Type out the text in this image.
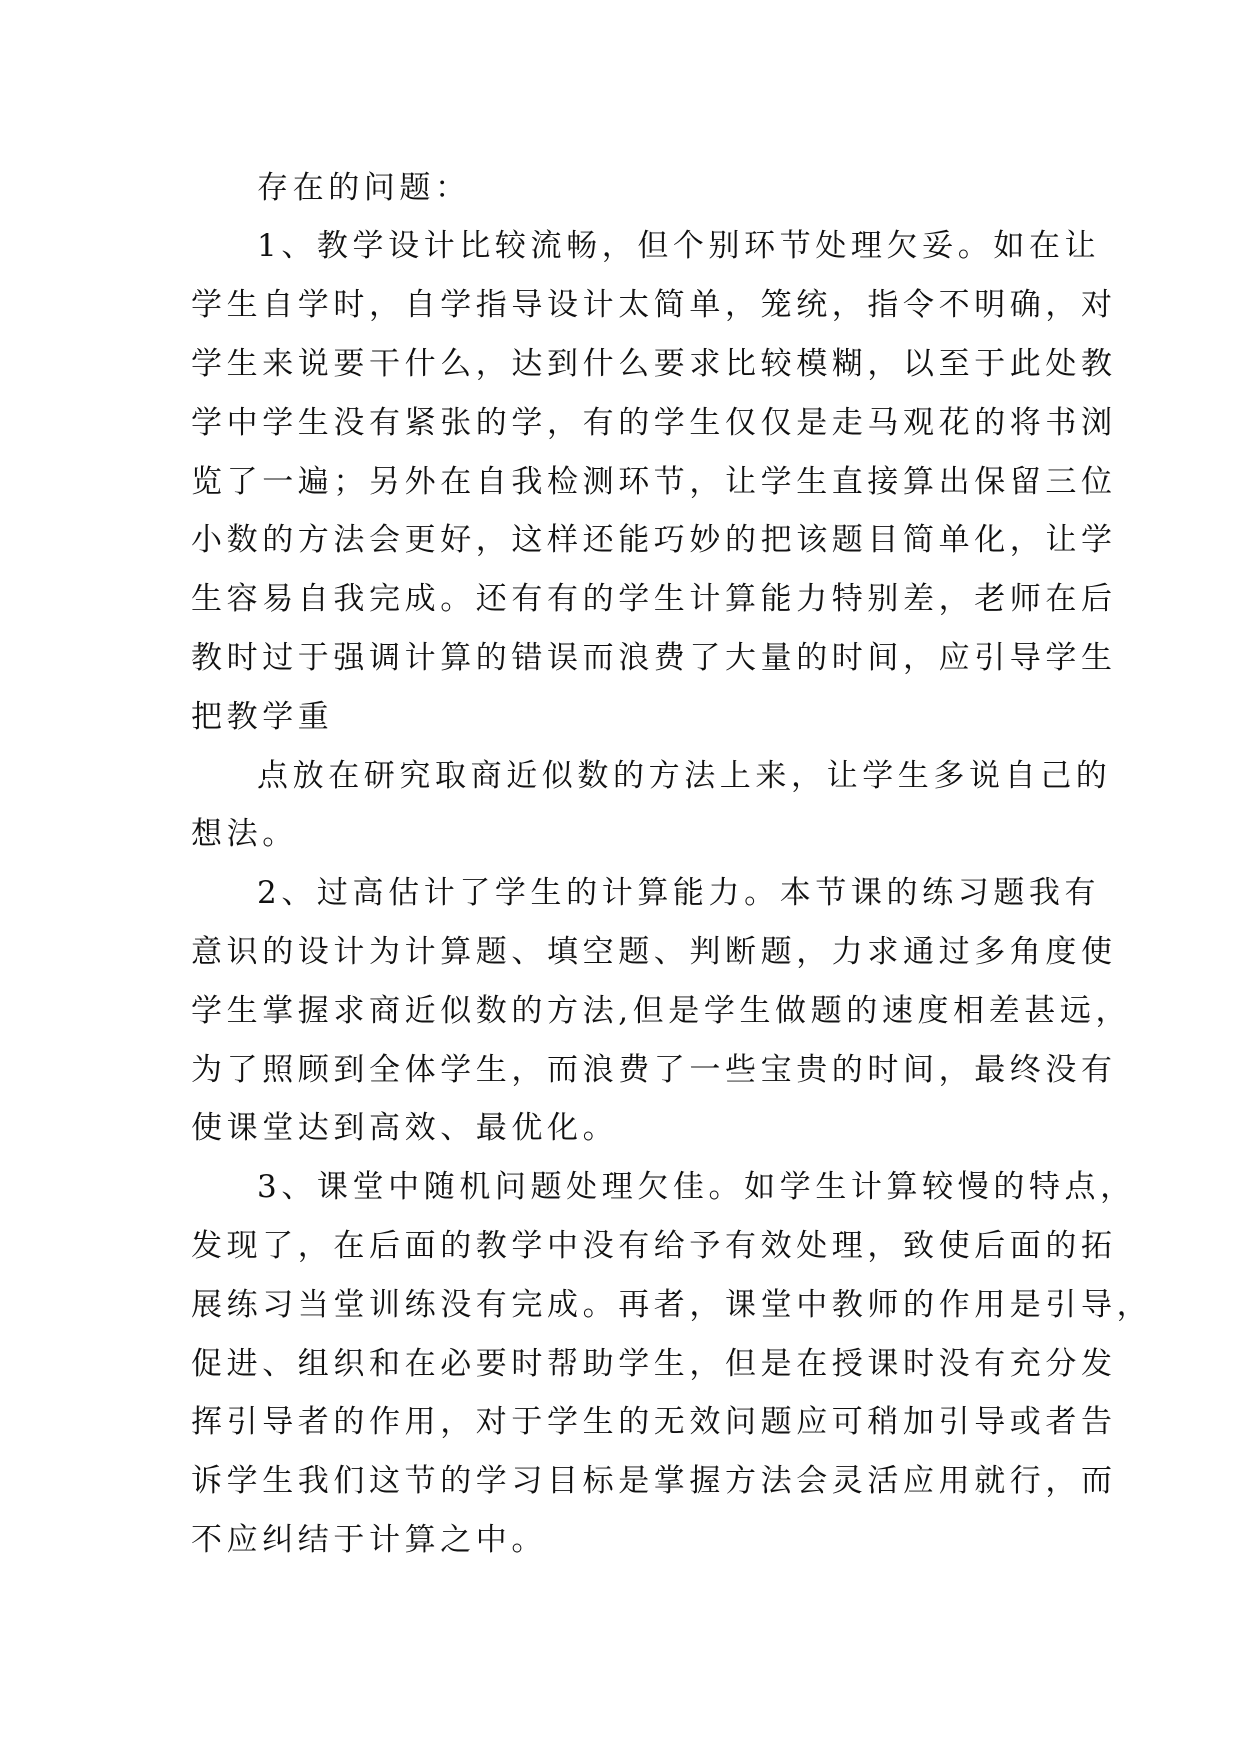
存在的问题：

1、教学设计比较流畅，但个别环节处理欠妥。如在让

学生自学时，自学指导设计太简单，笼统，指令不明确，对

学生来说要干什么，达到什么要求比较模糊，以至于此处教

学中学生没有紧张的学，有的学生仅仅是走马观花的将书浏

览了一遍；另外在自我检测环节，让学生直接算出保留三位

小数的方法会更好，这样还能巧妙的把该题目简单化，让学

生容易自我完成。还有有的学生计算能力特别差，老师在后

教时过于强调计算的错误而浪费了大量的时间，应引导学生

把教学重

点放在研究取商近似数的方法上来，让学生多说自己的

想法。

2、过高估计了学生的计算能力。本节课的练习题我有

意识的设计为计算题、填空题、判断题，力求通过多角度使

学生掌握求商近似数的方法,但是学生做题的速度相差甚远，

为了照顾到全体学生，而浪费了一些宝贵的时间，最终没有

使课堂达到高效、最优化。

3、课堂中随机问题处理欠佳。如学生计算较慢的特点，

发现了，在后面的教学中没有给予有效处理，致使后面的拓

展练习当堂训练没有完成。再者，课堂中教师的作用是引导，

促进、组织和在必要时帮助学生，但是在授课时没有充分发

挥引导者的作用，对于学生的无效问题应可稍加引导或者告

诉学生我们这节的学习目标是掌握方法会灵活应用就行，而

不应纠结于计算之中。
